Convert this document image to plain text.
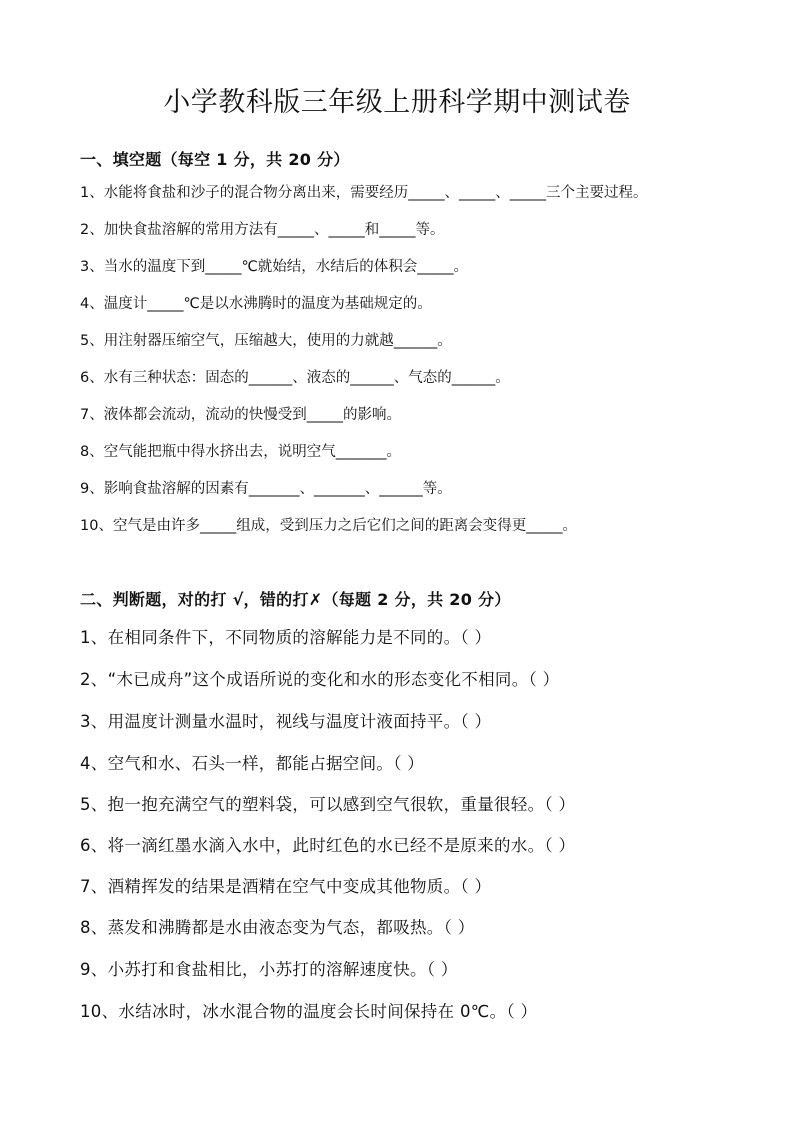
小学教科版三年级上册科学期中测试卷
一、填空题（每空 1 分，共 20 分）
1、水能将食盐和沙子的混合物分离出来，需要经历_____、_____、_____三个主要过程。
2、加快食盐溶解的常用方法有_____、_____和_____等。
3、当水的温度下到_____℃就始结，水结后的体积会_____。
4、温度计_____℃是以水沸腾时的温度为基础规定的。
5、用注射器压缩空气，压缩越大，使用的力就越______。
6、水有三种状态：固态的______、液态的______、气态的______。
7、液体都会流动，流动的快慢受到_____的影响。
8、空气能把瓶中得水挤出去，说明空气_______。
9、影响食盐溶解的因素有_______、_______、______等。
10、空气是由许多_____组成，受到压力之后它们之间的距离会变得更_____。
二、判断题，对的打 √，错的打✗（每题 2 分，共 20 分）
1、在相同条件下，不同物质的溶解能力是不同的。（ ）
2、“木已成舟”这个成语所说的变化和水的形态变化不相同。（ ）
3、用温度计测量水温时，视线与温度计液面持平。（ ）
4、空气和水、石头一样，都能占据空间。（ ）
5、抱一抱充满空气的塑料袋，可以感到空气很软，重量很轻。（ ）
6、将一滴红墨水滴入水中，此时红色的水已经不是原来的水。（ ）
7、酒精挥发的结果是酒精在空气中变成其他物质。（ ）
8、蒸发和沸腾都是水由液态变为气态，都吸热。（ ）
9、小苏打和食盐相比，小苏打的溶解速度快。（ ）
10、水结冰时，冰水混合物的温度会长时间保持在 0℃。（ ）
